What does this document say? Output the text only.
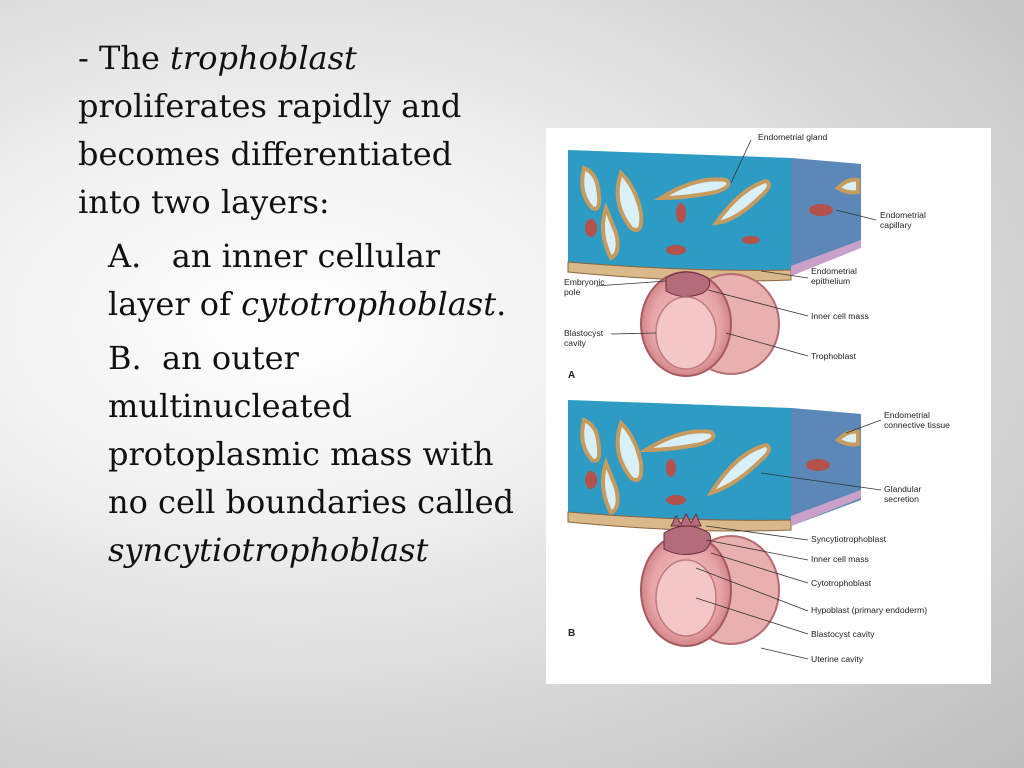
- The trophoblast proliferates rapidly and becomes differentiated into two layers:

A. an inner cellular layer of cytotrophoblast.

B. an outer multinucleated protoplasmic mass with no cell boundaries called syncytiotrophoblast

Endometrial gland
Endometrial
capillary
Embryonic
pole
Endometrial
epithelium
Blastocyst
cavity
Inner cell mass
Trophoblast
A
Endometrial
connective tissue
Glandular
secretion
Syncytiotrophoblast
Inner cell mass
Cytotrophoblast
Hypoblast (primary endoderm)
Blastocyst cavity
Uterine cavity
B
